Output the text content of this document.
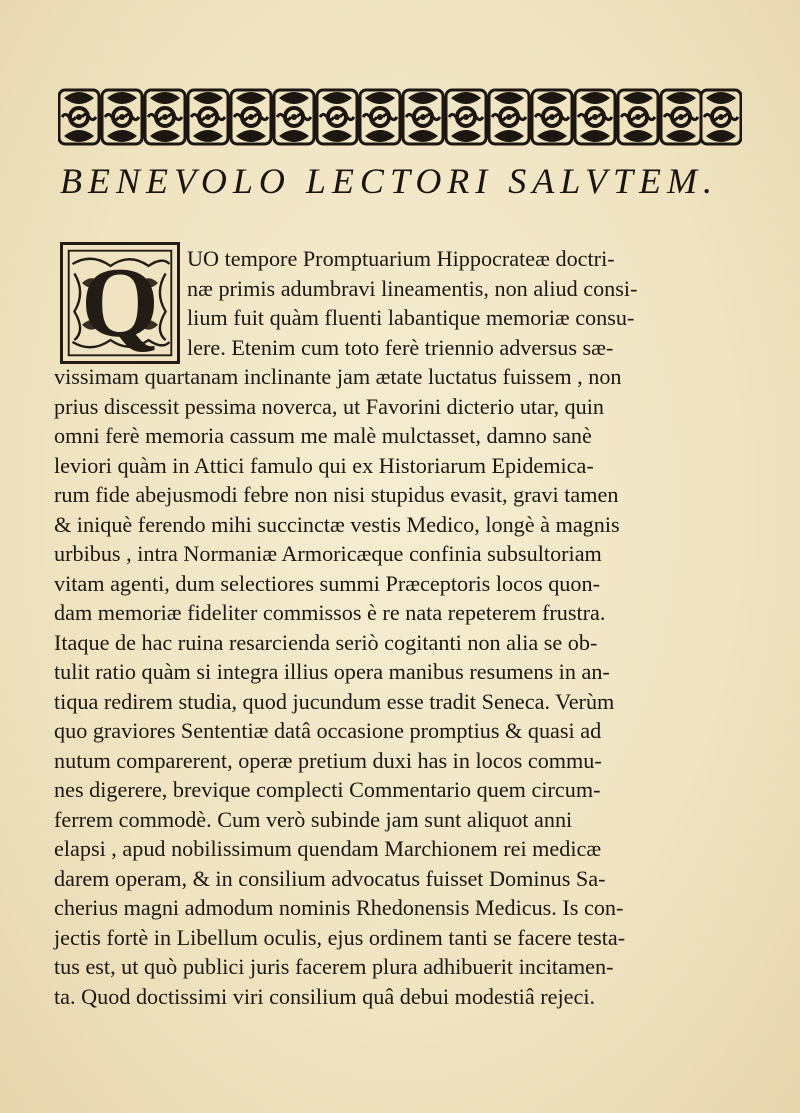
BENEVOLO LECTORI SALVTEM.
Q	UO tempore Promptuarium Hippocrateæ doctri-
næ primis adumbravi lineamentis, non aliud consi-
lium fuit quàm fluenti labantique memoriæ consu-
lere. Etenim cum toto ferè triennio adversus sæ-
vissimam quartanam inclinante jam ætate luctatus fuissem , non
prius discessit pessima noverca, ut Favorini dicterio utar, quin
omni ferè memoria cassum me malè mulctasset, damno sanè
leviori quàm in Attici famulo qui ex Historiarum Epidemica-
rum fide abejusmodi febre non nisi stupidus evasit, gravi tamen
& iniquè ferendo mihi succinctæ vestis Medico, longè à magnis
urbibus , intra Normaniæ Armoricæque confinia subsultoriam
vitam agenti, dum selectiores summi Præceptoris locos quon-
dam memoriæ fideliter commissos è re nata repeterem frustra.
Itaque de hac ruina resarcienda seriò cogitanti non alia se ob-
tulit ratio quàm si integra illius opera manibus resumens in an-
tiqua redirem studia, quod jucundum esse tradit Seneca. Verùm
quo graviores Sententiæ datâ occasione promptius & quasi ad
nutum comparerent, operæ pretium duxi has in locos commu-
nes digerere, brevique complecti Commentario quem circum-
ferrem commodè. Cum verò subinde jam sunt aliquot anni
elapsi , apud nobilissimum quendam Marchionem rei medicæ
darem operam, & in consilium advocatus fuisset Dominus Sa-
cherius magni admodum nominis Rhedonensis Medicus. Is con-
jectis fortè in Libellum oculis, ejus ordinem tanti se facere testa-
tus est, ut quò publici juris facerem plura adhibuerit incitamen-
ta. Quod doctissimi viri consilium quâ debui modestiâ rejeci.
